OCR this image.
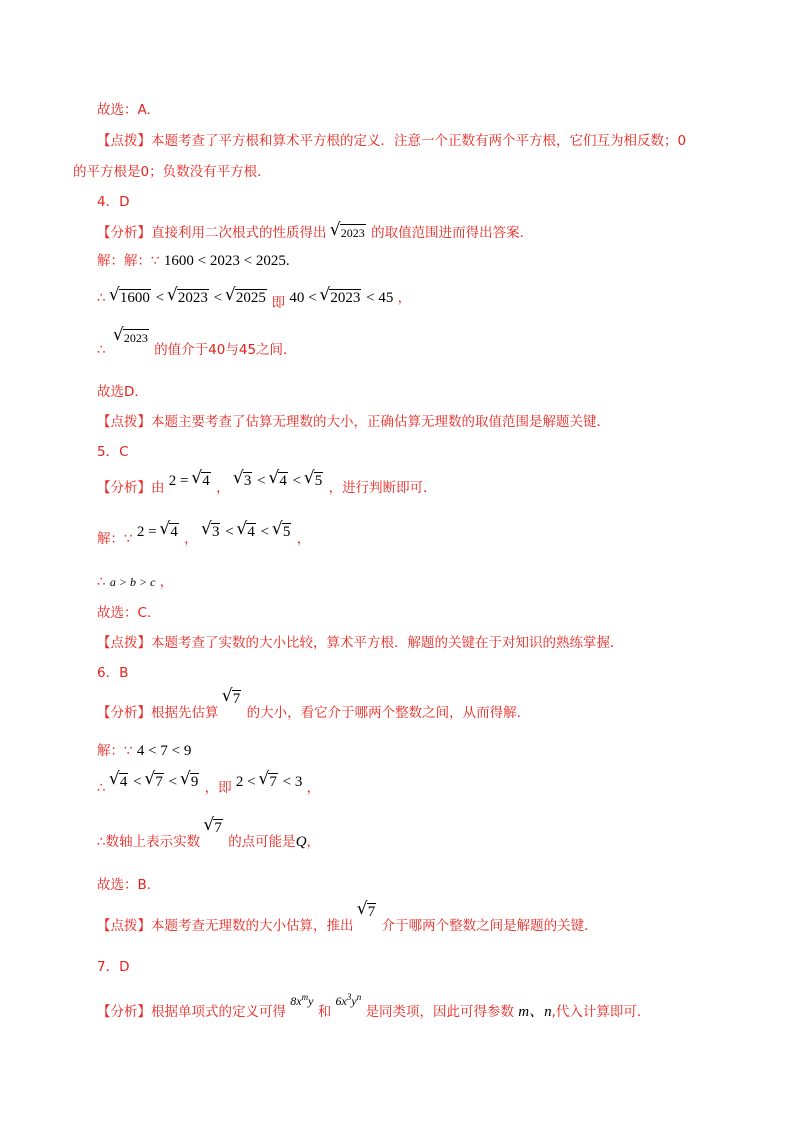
故选：A.
【点拨】本题考查了平方根和算术平方根的定义．注意一个正数有两个平方根，它们互为相反数；0
的平方根是0；负数没有平方根．
4．D
【分析】直接利用二次根式的性质得出 √ 2023 的取值范围进而得出答案．
解：解：∵ 1600 < 2023 < 2025.
∴ √ 1600 < √ 2023 < √ 2025 即 40 < √ 2023 < 45 ，
∴ √ 2023 的值介于40与45之间．
故选D．
【点拨】本题主要考查了估算无理数的大小，正确估算无理数的取值范围是解题关键．
5．C
【分析】由 2 = √ 4 ， √ 3 < √ 4 < √ 5 ，进行判断即可．
解：∵ 2 = √ 4 ， √ 3 < √ 4 < √ 5 ，
∴ a > b > c ，
故选：C．
【点拨】本题考查了实数的大小比较，算术平方根．解题的关键在于对知识的熟练掌握．
6．B
【分析】根据先估算 √ 7 的大小，看它介于哪两个整数之间，从而得解．
解：∵ 4 < 7 < 9
∴ √ 4 < √ 7 < √ 9 ，即 2 < √ 7 < 3 ，
∴数轴上表示实数 √ 7 的点可能是Q，
故选：B．
【点拨】本题考查无理数的大小估算，推出 √ 7 介于哪两个整数之间是解题的关键．
7．D
【分析】根据单项式的定义可得 $8x^my$ 和 $6x^3y^n$ 是同类项，因此可得参数 m、n,代入计算即可．
